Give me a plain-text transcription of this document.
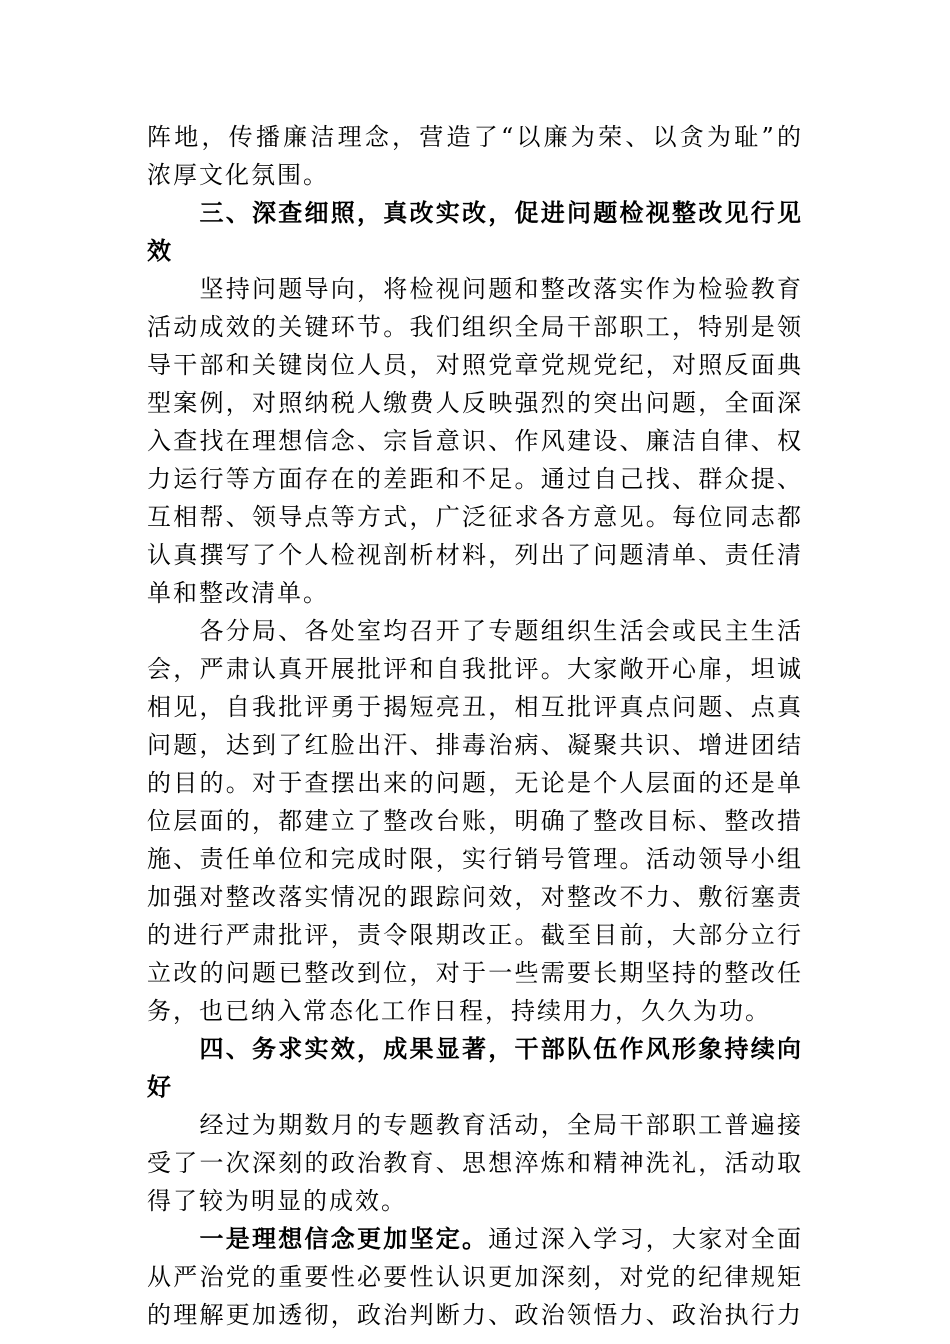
阵地，传播廉洁理念，营造了“以廉为荣、以贪为耻”的
浓厚文化氛围。
三、深查细照，真改实改，促进问题检视整改见行见
效
坚持问题导向，将检视问题和整改落实作为检验教育
活动成效的关键环节。我们组织全局干部职工，特别是领
导干部和关键岗位人员，对照党章党规党纪，对照反面典
型案例，对照纳税人缴费人反映强烈的突出问题，全面深
入查找在理想信念、宗旨意识、作风建设、廉洁自律、权
力运行等方面存在的差距和不足。通过自己找、群众提、
互相帮、领导点等方式，广泛征求各方意见。每位同志都
认真撰写了个人检视剖析材料，列出了问题清单、责任清
单和整改清单。
各分局、各处室均召开了专题组织生活会或民主生活
会，严肃认真开展批评和自我批评。大家敞开心扉，坦诚
相见，自我批评勇于揭短亮丑，相互批评真点问题、点真
问题，达到了红脸出汗、排毒治病、凝聚共识、增进团结
的目的。对于查摆出来的问题，无论是个人层面的还是单
位层面的，都建立了整改台账，明确了整改目标、整改措
施、责任单位和完成时限，实行销号管理。活动领导小组
加强对整改落实情况的跟踪问效，对整改不力、敷衍塞责
的进行严肃批评，责令限期改正。截至目前，大部分立行
立改的问题已整改到位，对于一些需要长期坚持的整改任
务，也已纳入常态化工作日程，持续用力，久久为功。
四、务求实效，成果显著，干部队伍作风形象持续向
好
经过为期数月的专题教育活动，全局干部职工普遍接
受了一次深刻的政治教育、思想淬炼和精神洗礼，活动取
得了较为明显的成效。
一是理想信念更加坚定。通过深入学习，大家对全面
从严治党的重要性必要性认识更加深刻，对党的纪律规矩
的理解更加透彻，政治判断力、政治领悟力、政治执行力
